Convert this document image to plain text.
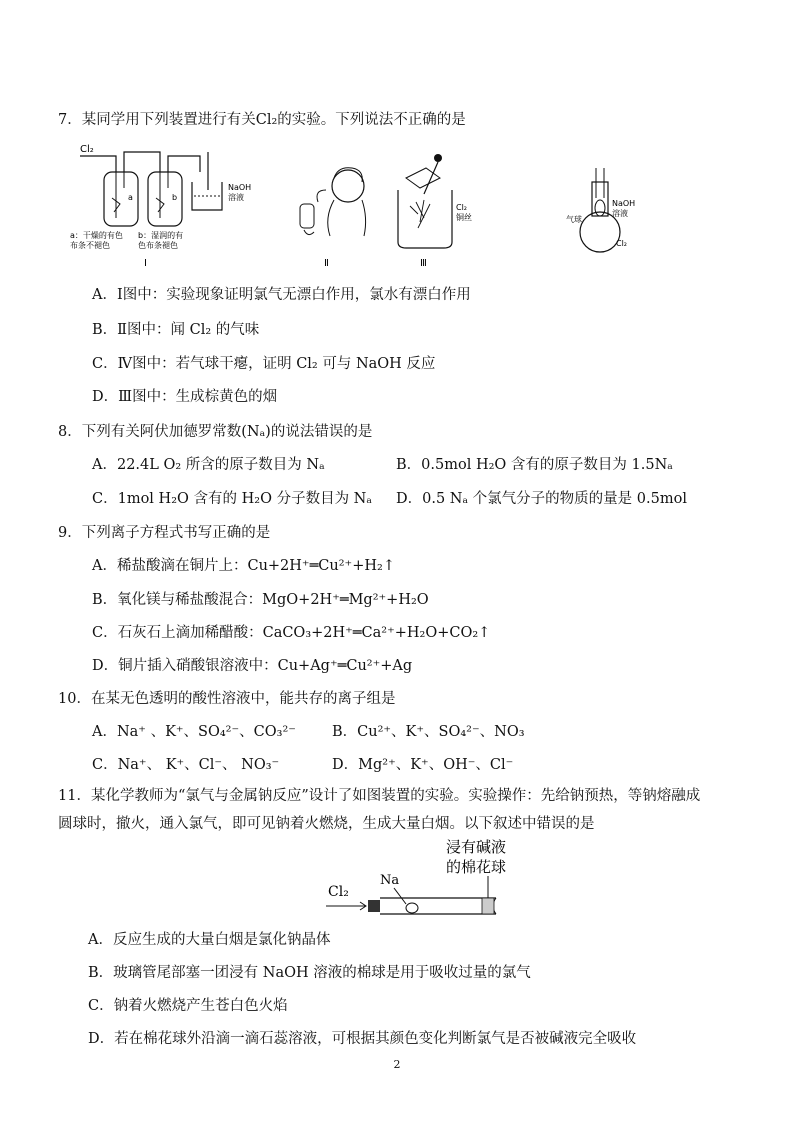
7．某同学用下列装置进行有关Cl₂的实验。下列说法不正确的是
Cl₂
a	b
NaOH
溶液
a：干燥的有色
布条不褪色
b：湿润的有
色布条褪色
Ⅰ	Ⅱ
Cl₂
铜丝
Ⅲ
气球
NaOH
溶液
Cl₂
A．Ⅰ图中：实验现象证明氯气无漂白作用，氯水有漂白作用
B．Ⅱ图中：闻 Cl₂ 的气味
C．Ⅳ图中：若气球干瘪，证明 Cl₂ 可与 NaOH 反应
D．Ⅲ图中：生成棕黄色的烟
8．下列有关阿伏加德罗常数(Nₐ)的说法错误的是
A．22.4L O₂ 所含的原子数目为 Nₐ	B．0.5mol H₂O 含有的原子数目为 1.5Nₐ
C．1mol H₂O 含有的 H₂O 分子数目为 Nₐ D．0.5 Nₐ 个氯气分子的物质的量是 0.5mol
9．下列离子方程式书写正确的是
A．稀盐酸滴在铜片上：Cu+2H⁺═Cu²⁺+H₂↑
B．氧化镁与稀盐酸混合：MgO+2H⁺═Mg²⁺+H₂O
C．石灰石上滴加稀醋酸：CaCO₃+2H⁺═Ca²⁺+H₂O+CO₂↑
D．铜片插入硝酸银溶液中：Cu+Ag⁺═Cu²⁺+Ag
10．在某无色透明的酸性溶液中，能共存的离子组是
A．Na⁺ 、K⁺、SO₄²⁻、CO₃²⁻ B．Cu²⁺、K⁺、SO₄²⁻、NO₃
C．Na⁺、 K⁺、Cl⁻、 NO₃⁻	D．Mg²⁺、K⁺、OH⁻、Cl⁻
11．某化学教师为“氯气与金属钠反应”设计了如图装置的实验。实验操作：先给钠预热，等钠熔融成
圆球时，撤火，通入氯气，即可见钠着火燃烧，生成大量白烟。以下叙述中错误的是
浸有碱液
的棉花球
Cl₂
Na
A．反应生成的大量白烟是氯化钠晶体
B．玻璃管尾部塞一团浸有 NaOH 溶液的棉球是用于吸收过量的氯气
C．钠着火燃烧产生苍白色火焰
D．若在棉花球外沿滴一滴石蕊溶液，可根据其颜色变化判断氯气是否被碱液完全吸收
2
